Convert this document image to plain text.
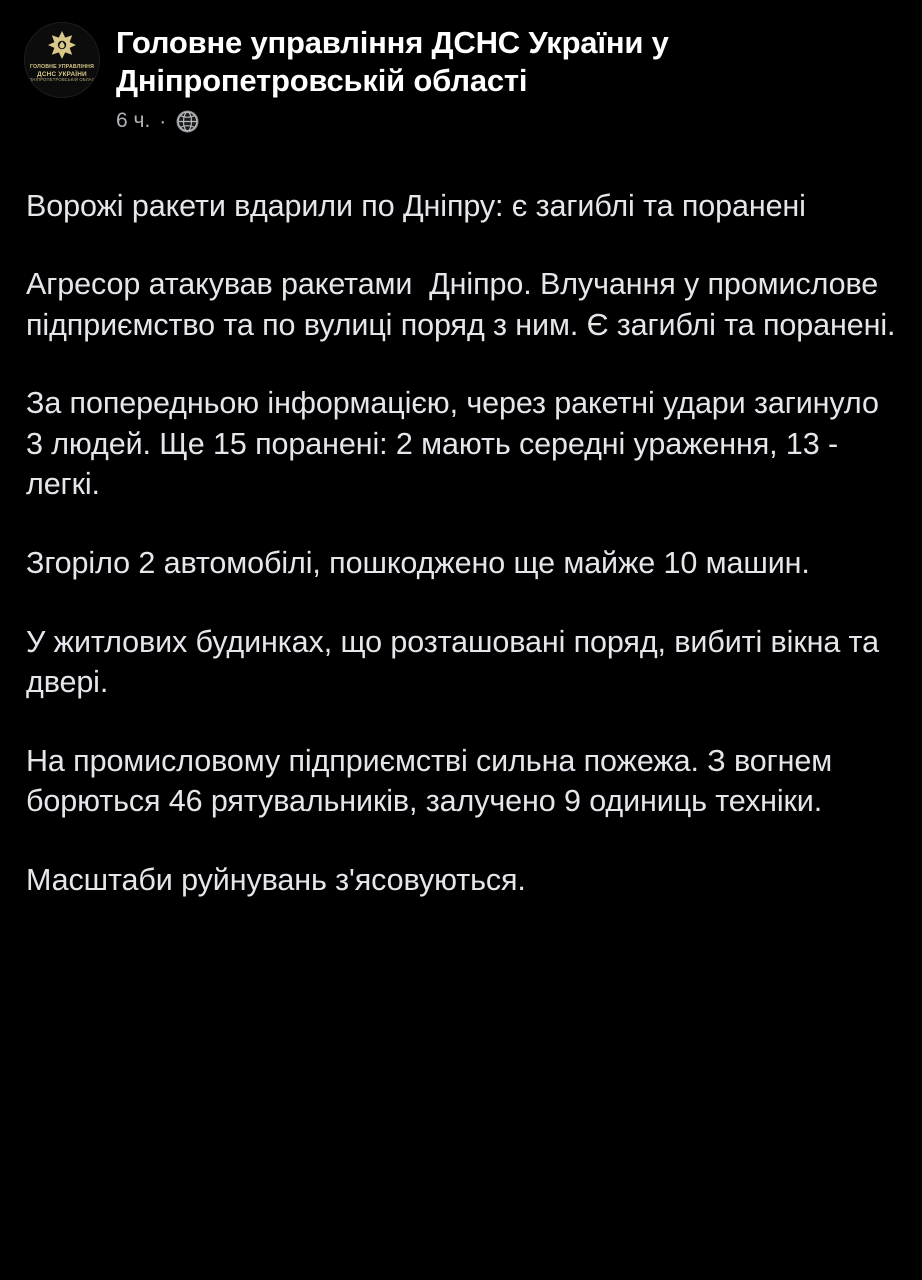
ГОЛОВНЕ УПРАВЛІННЯ
ДСНС УКРАЇНИ
У ДНІПРОПЕТРОВСЬКІЙ ОБЛАСТІ
Головне управління ДСНС України у Дніпропетровській області
6 ч. ·

Ворожі ракети вдарили по Дніпру: є загиблі та поранені

Агресор атакував ракетами  Дніпро. Влучання у промислове підприємство та по вулиці поряд з ним. Є загиблі та поранені.

За попередньою інформацією, через ракетні удари загинуло 3 людей. Ще 15 поранені: 2 мають середні ураження, 13 - легкі.

Згоріло 2 автомобілі, пошкоджено ще майже 10 машин.

У житлових будинках, що розташовані поряд, вибиті вікна та двері.

На промисловому підприємстві сильна пожежа. З вогнем борються 46 рятувальників, залучено 9 одиниць техніки.

Масштаби руйнувань з'ясовуються.
